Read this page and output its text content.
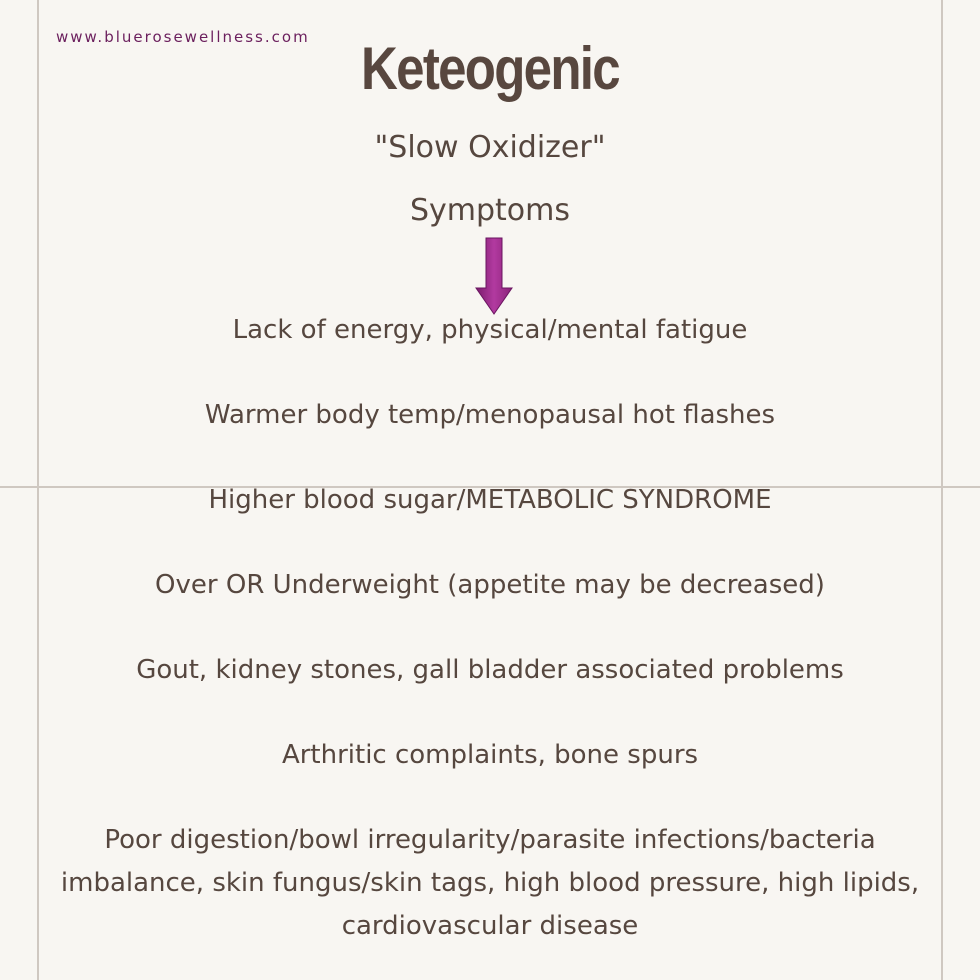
www.bluerosewellness.com Keteogenic
"Slow Oxidizer"
Symptoms
Lack of energy, physical/mental fatigue
Warmer body temp/menopausal hot flashes
Higher blood sugar/METABOLIC SYNDROME
Over OR Underweight (appetite may be decreased)
Gout, kidney stones, gall bladder associated problems
Arthritic complaints, bone spurs
Poor digestion/bowl irregularity/parasite infections/bacteria imbalance, skin fungus/skin tags, high blood pressure, high lipids, cardiovascular disease
